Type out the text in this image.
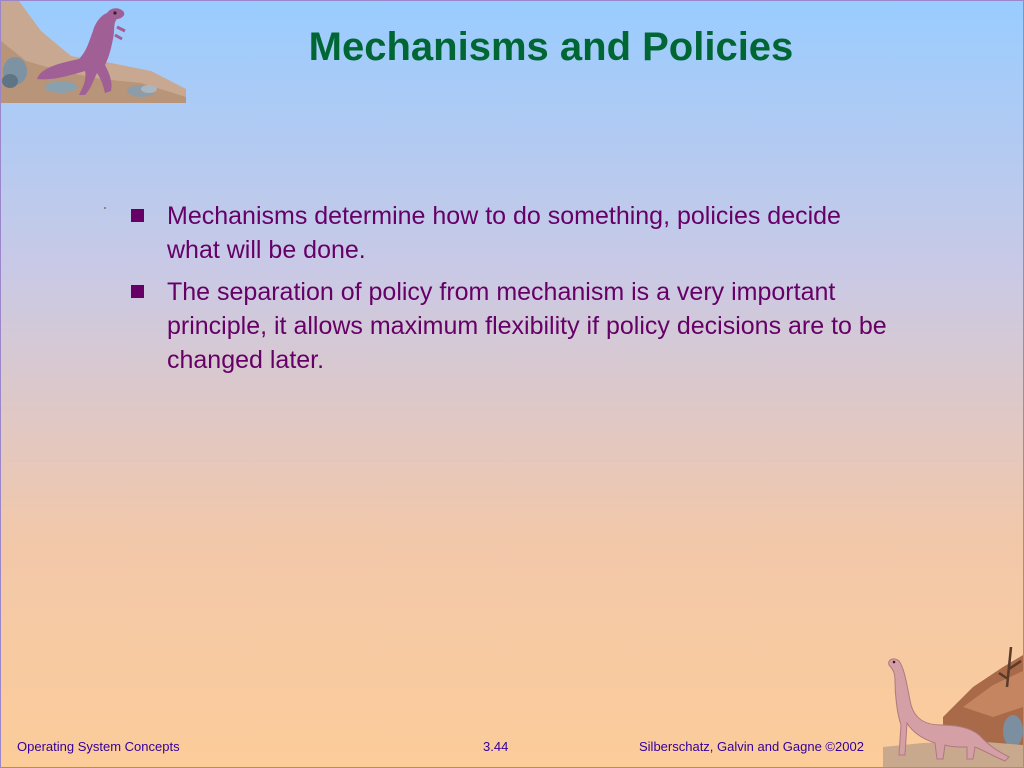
Mechanisms and Policies
Mechanisms determine how to do something, policies decide what will be done.
The separation of policy from mechanism is a very important principle, it allows maximum flexibility if policy decisions are to be changed later.
Operating System Concepts	3.44	Silberschatz, Galvin and Gagne ©2002
